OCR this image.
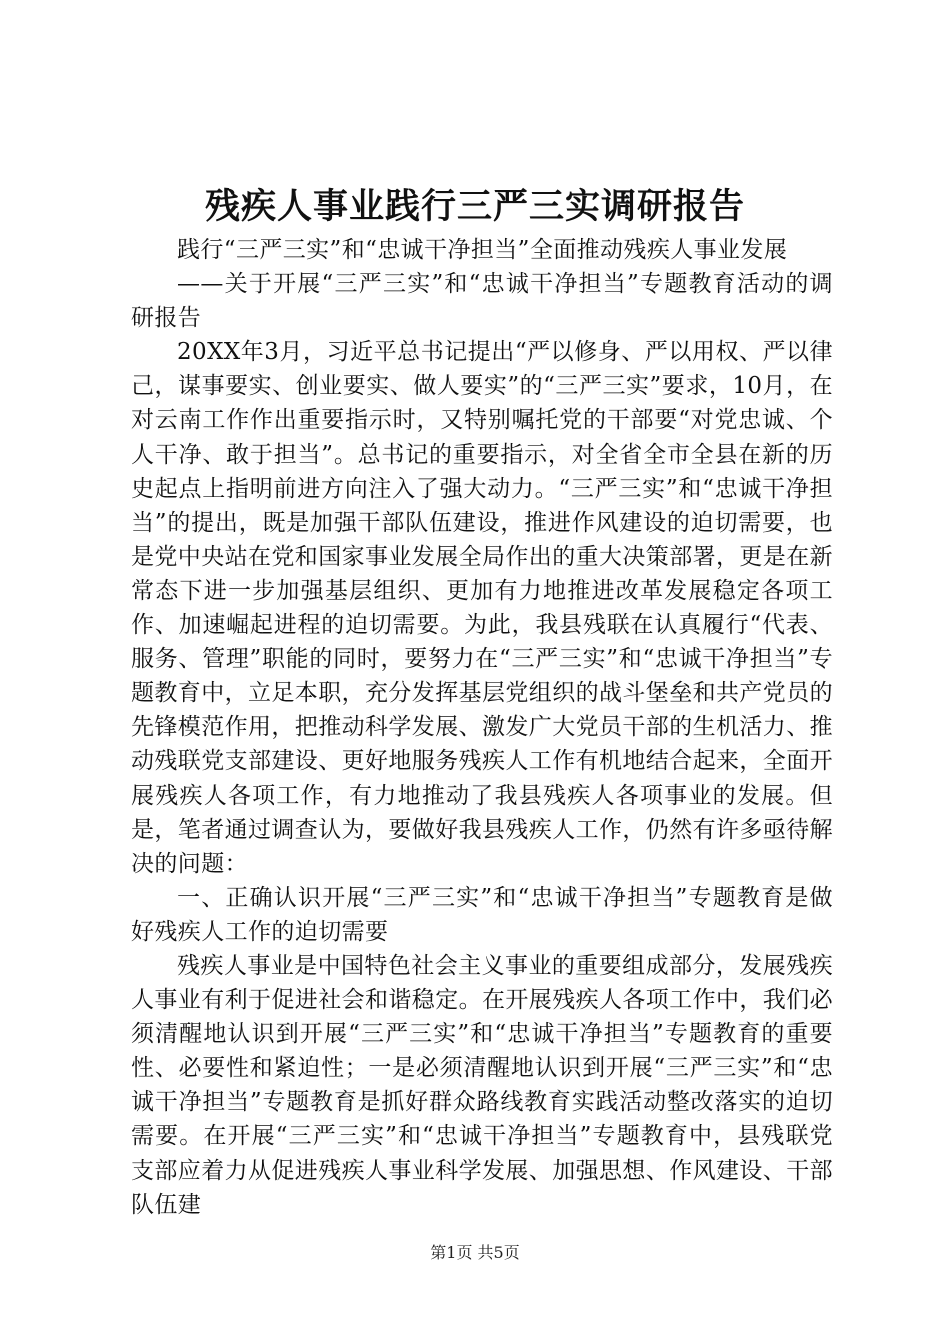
残疾人事业践行三严三实调研报告

践行“三严三实”和“忠诚干净担当”全面推动残疾人事业发展

——关于开展“三严三实”和“忠诚干净担当”专题教育活动的调研报告

20XX年3月，习近平总书记提出“严以修身、严以用权、严以律己，谋事要实、创业要实、做人要实”的“三严三实”要求，10月，在对云南工作作出重要指示时，又特别嘱托党的干部要“对党忠诚、个人干净、敢于担当”。总书记的重要指示，对全省全市全县在新的历史起点上指明前进方向注入了强大动力。“三严三实”和“忠诚干净担当”的提出，既是加强干部队伍建设，推进作风建设的迫切需要，也是党中央站在党和国家事业发展全局作出的重大决策部署，更是在新常态下进一步加强基层组织、更加有力地推进改革发展稳定各项工作、加速崛起进程的迫切需要。为此，我县残联在认真履行“代表、服务、管理”职能的同时，要努力在“三严三实”和“忠诚干净担当”专题教育中，立足本职，充分发挥基层党组织的战斗堡垒和共产党员的先锋模范作用，把推动科学发展、激发广大党员干部的生机活力、推动残联党支部建设、更好地服务残疾人工作有机地结合起来，全面开展残疾人各项工作，有力地推动了我县残疾人各项事业的发展。但是，笔者通过调查认为，要做好我县残疾人工作，仍然有许多亟待解决的问题：

一、正确认识开展“三严三实”和“忠诚干净担当”专题教育是做好残疾人工作的迫切需要

残疾人事业是中国特色社会主义事业的重要组成部分，发展残疾人事业有利于促进社会和谐稳定。在开展残疾人各项工作中，我们必须清醒地认识到开展“三严三实”和“忠诚干净担当”专题教育的重要性、必要性和紧迫性；一是必须清醒地认识到开展“三严三实”和“忠诚干净担当”专题教育是抓好群众路线教育实践活动整改落实的迫切需要。在开展“三严三实”和“忠诚干净担当”专题教育中，县残联党支部应着力从促进残疾人事业科学发展、加强思想、作风建设、干部队伍建

第1页 共5页
